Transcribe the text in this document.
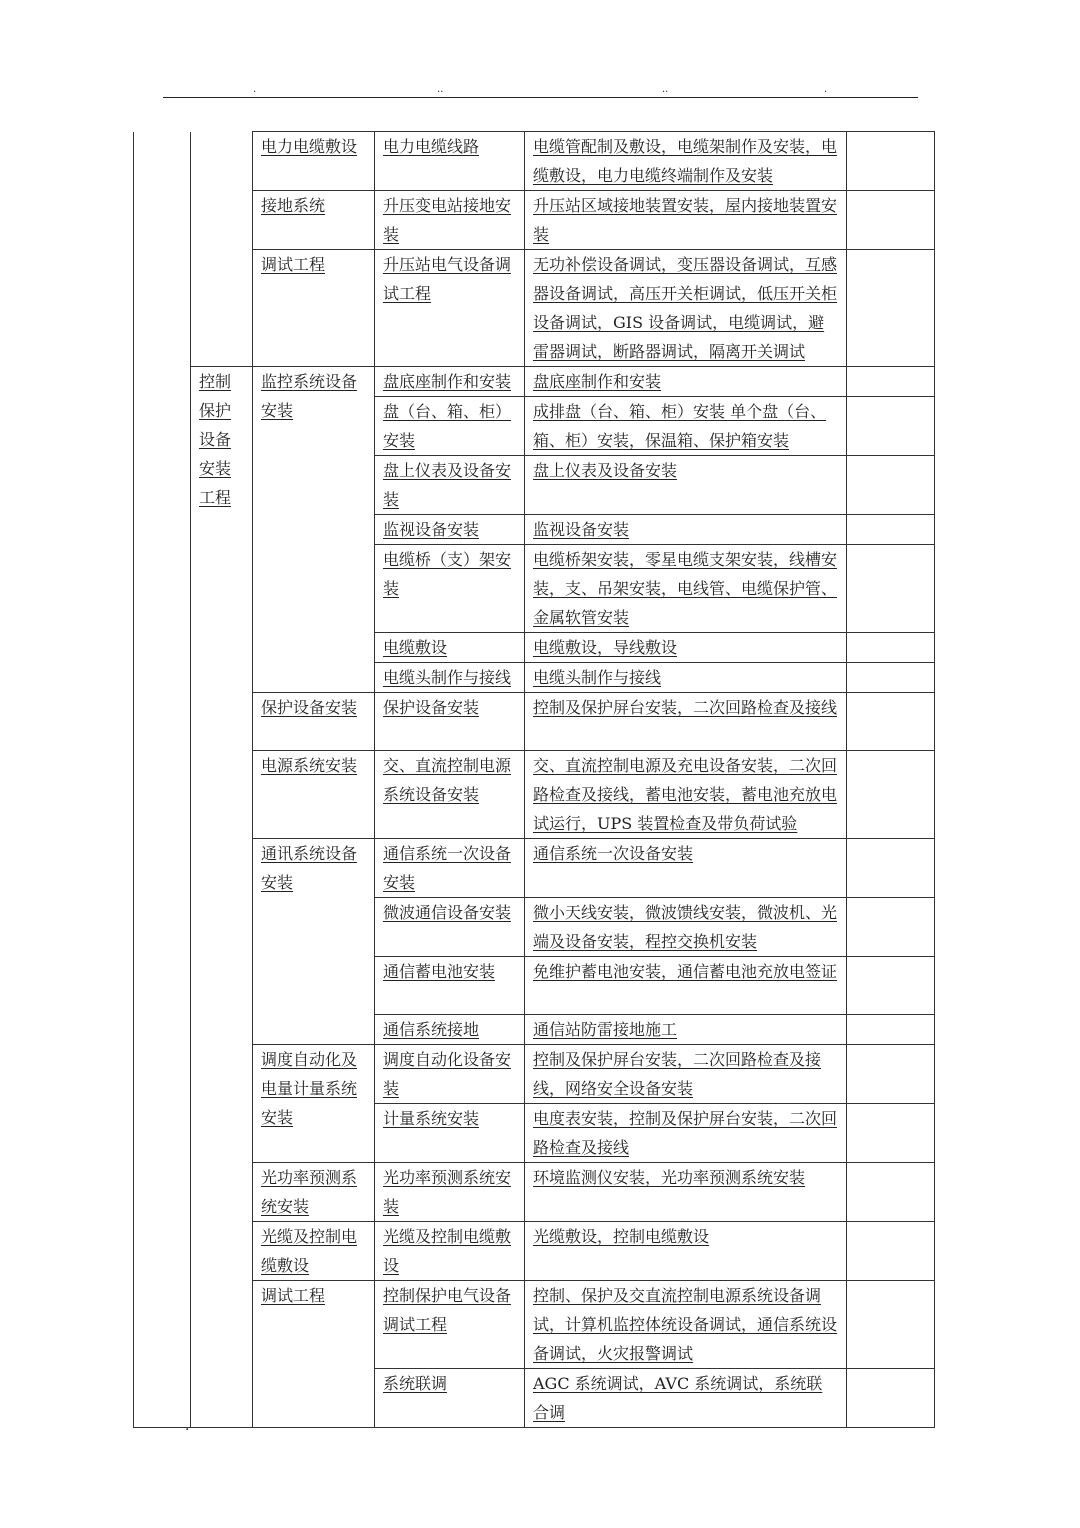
.	..	..	.
		电力电缆敷设	电力电缆线路	电缆管配制及敷设，电缆架制作及安装，电缆敷设，电力电缆终端制作及安装	
		接地系统	升压变电站接地安装	升压站区域接地装置安装，屋内接地装置安装	
		调试工程	升压站电气设备调试工程	无功补偿设备调试，变压器设备调试，互感器设备调试，高压开关柜调试，低压开关柜设备调试，GIS 设备调试，电缆调试，避雷器调试，断路器调试，隔离开关调试	
	控制保护设备安装工程	监控系统设备安装	盘底座制作和安装	盘底座制作和安装	
			盘（台、箱、柜）安装	成排盘（台、箱、柜）安装 单个盘（台、箱、柜）安装，保温箱、保护箱安装	
			盘上仪表及设备安装	盘上仪表及设备安装	
			监视设备安装	监视设备安装	
			电缆桥（支）架安装	电缆桥架安装，零星电缆支架安装，线槽安装，支、吊架安装，电线管、电缆保护管、金属软管安装	
			电缆敷设	电缆敷设，导线敷设	
			电缆头制作与接线	电缆头制作与接线	
		保护设备安装	保护设备安装	控制及保护屏台安装，二次回路检查及接线	
		电源系统安装	交、直流控制电源系统设备安装	交、直流控制电源及充电设备安装，二次回路检查及接线，蓄电池安装，蓄电池充放电试运行，UPS 装置检查及带负荷试验	
		通讯系统设备安装	通信系统一次设备安装	通信系统一次设备安装	
			微波通信设备安装	微小天线安装，微波馈线安装，微波机、光端及设备安装，程控交换机安装	
			通信蓄电池安装	免维护蓄电池安装，通信蓄电池充放电签证	
			通信系统接地	通信站防雷接地施工	
		调度自动化及电量计量系统安装	调度自动化设备安装	控制及保护屏台安装，二次回路检查及接线，网络安全设备安装	
			计量系统安装	电度表安装，控制及保护屏台安装，二次回路检查及接线	
		光功率预测系统安装	光功率预测系统安装	环境监测仪安装，光功率预测系统安装	
		光缆及控制电缆敷设	光缆及控制电缆敷设	光缆敷设，控制电缆敷设	
		调试工程	控制保护电气设备调试工程	控制、保护及交直流控制电源系统设备调试，计算机监控体统设备调试，通信系统设备调试，火灾报警调试	
			系统联调	AGC 系统调试，AVC 系统调试，系统联合调	
.
